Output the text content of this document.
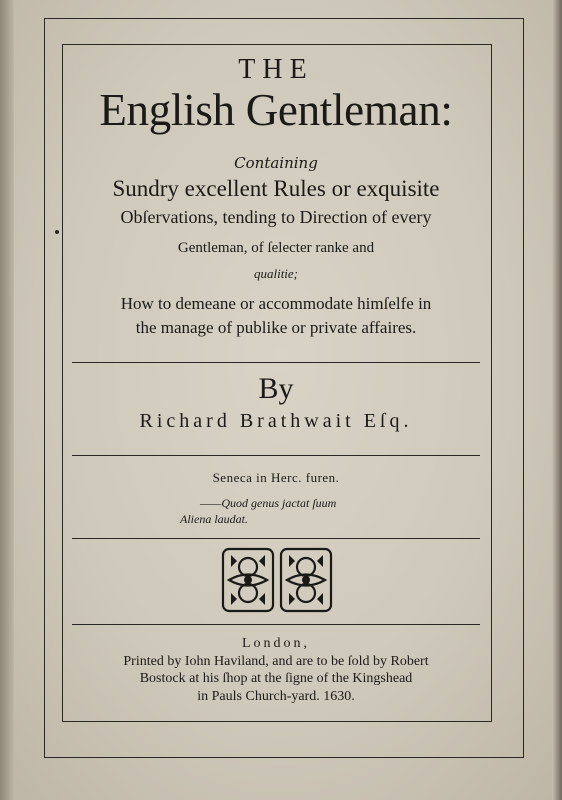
THE
English Gentleman:
Containing
Sundry excellent Rules or exquisite
Obſervations, tending to Direction of every
Gentleman, of ſelecter ranke and
qualitie;
How to demeane or accommodate himſelfe in
the manage of publike or private affaires.
By
Richard Brathwait Eſq.
Seneca in Herc. furen.
——Quod genus jactat ſuum
Aliena laudat.
London,
Printed by Iohn Haviland, and are to be ſold by Robert
Bostock at his ſhop at the ſigne of the Kingshead
in Pauls Church-yard. 1630.
